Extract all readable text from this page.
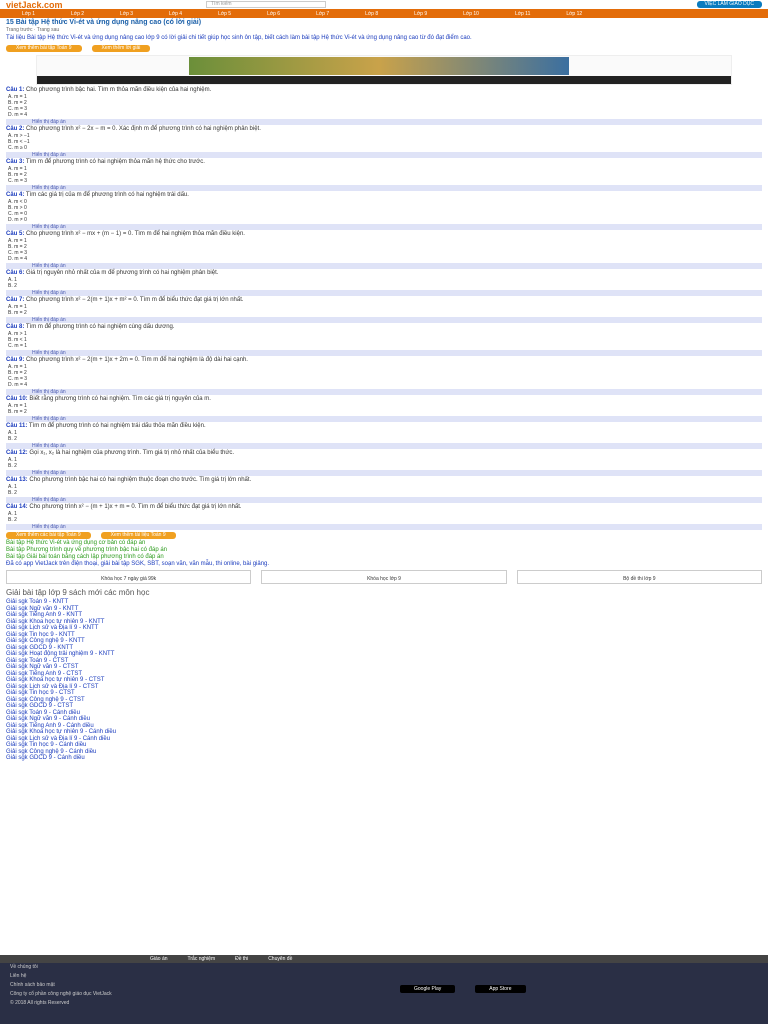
vietJack.com	Tìm kiếm	VIỆC LÀM GIÁO DỤC
Lớp 1	Lớp 2	Lớp 3	Lớp 4	Lớp 5	Lớp 6	Lớp 7	Lớp 8	Lớp 9	Lớp 10	Lớp 11	Lớp 12
15 Bài tập Hệ thức Vi-ét và ứng dụng nâng cao (có lời giải)
Trang trước · Trang sau
Tài liệu Bài tập Hệ thức Vi-ét và ứng dụng nâng cao lớp 9 có lời giải chi tiết giúp học sinh ôn tập, biết cách làm bài tập Hệ thức Vi-ét và ứng dụng nâng cao từ đó đạt điểm cao.
Xem thêm bài tập Toán 9	Xem thêm lời giải
Câu 1: Cho phương trình bậc hai. Tìm m thỏa mãn điều kiện của hai nghiệm.
A. m = 1
B. m = 2
C. m = 3
D. m = 4
Hiển thị đáp án
Câu 2: Cho phương trình x² − 2x − m = 0. Xác định m để phương trình có hai nghiệm phân biệt.
A. m > −1
B. m < −1
C. m ≥ 0
Hiển thị đáp án
Câu 3: Tìm m để phương trình có hai nghiệm thỏa mãn hệ thức cho trước.
A. m = 1
B. m = 2
C. m = 3
Hiển thị đáp án
Câu 4: Tìm các giá trị của m để phương trình có hai nghiệm trái dấu.
A. m < 0
B. m > 0
C. m = 0
D. m ≠ 0
Hiển thị đáp án
Câu 5: Cho phương trình x² − mx + (m − 1) = 0. Tìm m để hai nghiệm thỏa mãn điều kiện.
A. m = 1
B. m = 2
C. m = 3
D. m = 4
Hiển thị đáp án
Câu 6: Giá trị nguyên nhỏ nhất của m để phương trình có hai nghiệm phân biệt.
A. 1
B. 2
Hiển thị đáp án
Câu 7: Cho phương trình x² − 2(m + 1)x + m² = 0. Tìm m để biểu thức đạt giá trị lớn nhất.
A. m = 1
B. m = 2
Hiển thị đáp án
Câu 8: Tìm m để phương trình có hai nghiệm cùng dấu dương.
A. m > 1
B. m < 1
C. m = 1
Hiển thị đáp án
Câu 9: Cho phương trình x² − 2(m + 1)x + 2m = 0. Tìm m để hai nghiệm là độ dài hai cạnh.
A. m = 1
B. m = 2
C. m = 3
D. m = 4
Hiển thị đáp án
Câu 10: Biết rằng phương trình có hai nghiệm. Tìm các giá trị nguyên của m.
A. m = 1
B. m = 2
Hiển thị đáp án
Câu 11: Tìm m để phương trình có hai nghiệm trái dấu thỏa mãn điều kiện.
A. 1
B. 2
Hiển thị đáp án
Câu 12: Gọi x₁, x₂ là hai nghiệm của phương trình. Tìm giá trị nhỏ nhất của biểu thức.
A. 1
B. 2
Hiển thị đáp án
Câu 13: Cho phương trình bậc hai có hai nghiệm thuộc đoạn cho trước. Tìm giá trị lớn nhất.
A. 1
B. 2
Hiển thị đáp án
Câu 14: Cho phương trình x² − (m + 1)x + m = 0. Tìm m để biểu thức đạt giá trị lớn nhất.
A. 1
B. 2
Hiển thị đáp án
Xem thêm các bài tập Toán 9	Xem thêm tài liệu Toán 9
Bài tập Hệ thức Vi-ét và ứng dụng cơ bản có đáp án
Bài tập Phương trình quy về phương trình bậc hai có đáp án
Bài tập Giải bài toán bằng cách lập phương trình có đáp án
Đã có app VietJack trên điện thoại, giải bài tập SGK, SBT, soạn văn, văn mẫu, thi online, bài giảng.
Khóa học 7 ngày giá 99k	Khóa học lớp 9	Bộ đề thi lớp 9
Giải bài tập lớp 9 sách mới các môn học
Giải sgk Toán 9 - KNTT
Giải sgk Ngữ văn 9 - KNTT
Giải sgk Tiếng Anh 9 - KNTT
Giải sgk Khoa học tự nhiên 9 - KNTT
Giải sgk Lịch sử và Địa lí 9 - KNTT
Giải sgk Tin học 9 - KNTT
Giải sgk Công nghệ 9 - KNTT
Giải sgk GDCD 9 - KNTT
Giải sgk Hoạt động trải nghiệm 9 - KNTT
Giải sgk Toán 9 - CTST
Giải sgk Ngữ văn 9 - CTST
Giải sgk Tiếng Anh 9 - CTST
Giải sgk Khoa học tự nhiên 9 - CTST
Giải sgk Lịch sử và Địa lí 9 - CTST
Giải sgk Tin học 9 - CTST
Giải sgk Công nghệ 9 - CTST
Giải sgk GDCD 9 - CTST
Giải sgk Toán 9 - Cánh diều
Giải sgk Ngữ văn 9 - Cánh diều
Giải sgk Tiếng Anh 9 - Cánh diều
Giải sgk Khoa học tự nhiên 9 - Cánh diều
Giải sgk Lịch sử và Địa lí 9 - Cánh diều
Giải sgk Tin học 9 - Cánh diều
Giải sgk Công nghệ 9 - Cánh diều
Giải sgk GDCD 9 - Cánh diều
Giáo án	Trắc nghiệm	Đề thi	Chuyên đề
Về chúng tôi
Liên hệ
Chính sách bảo mật
Công ty cổ phần công nghệ giáo dục VietJack
© 2018 All rights Reserved
Google Play	App Store
